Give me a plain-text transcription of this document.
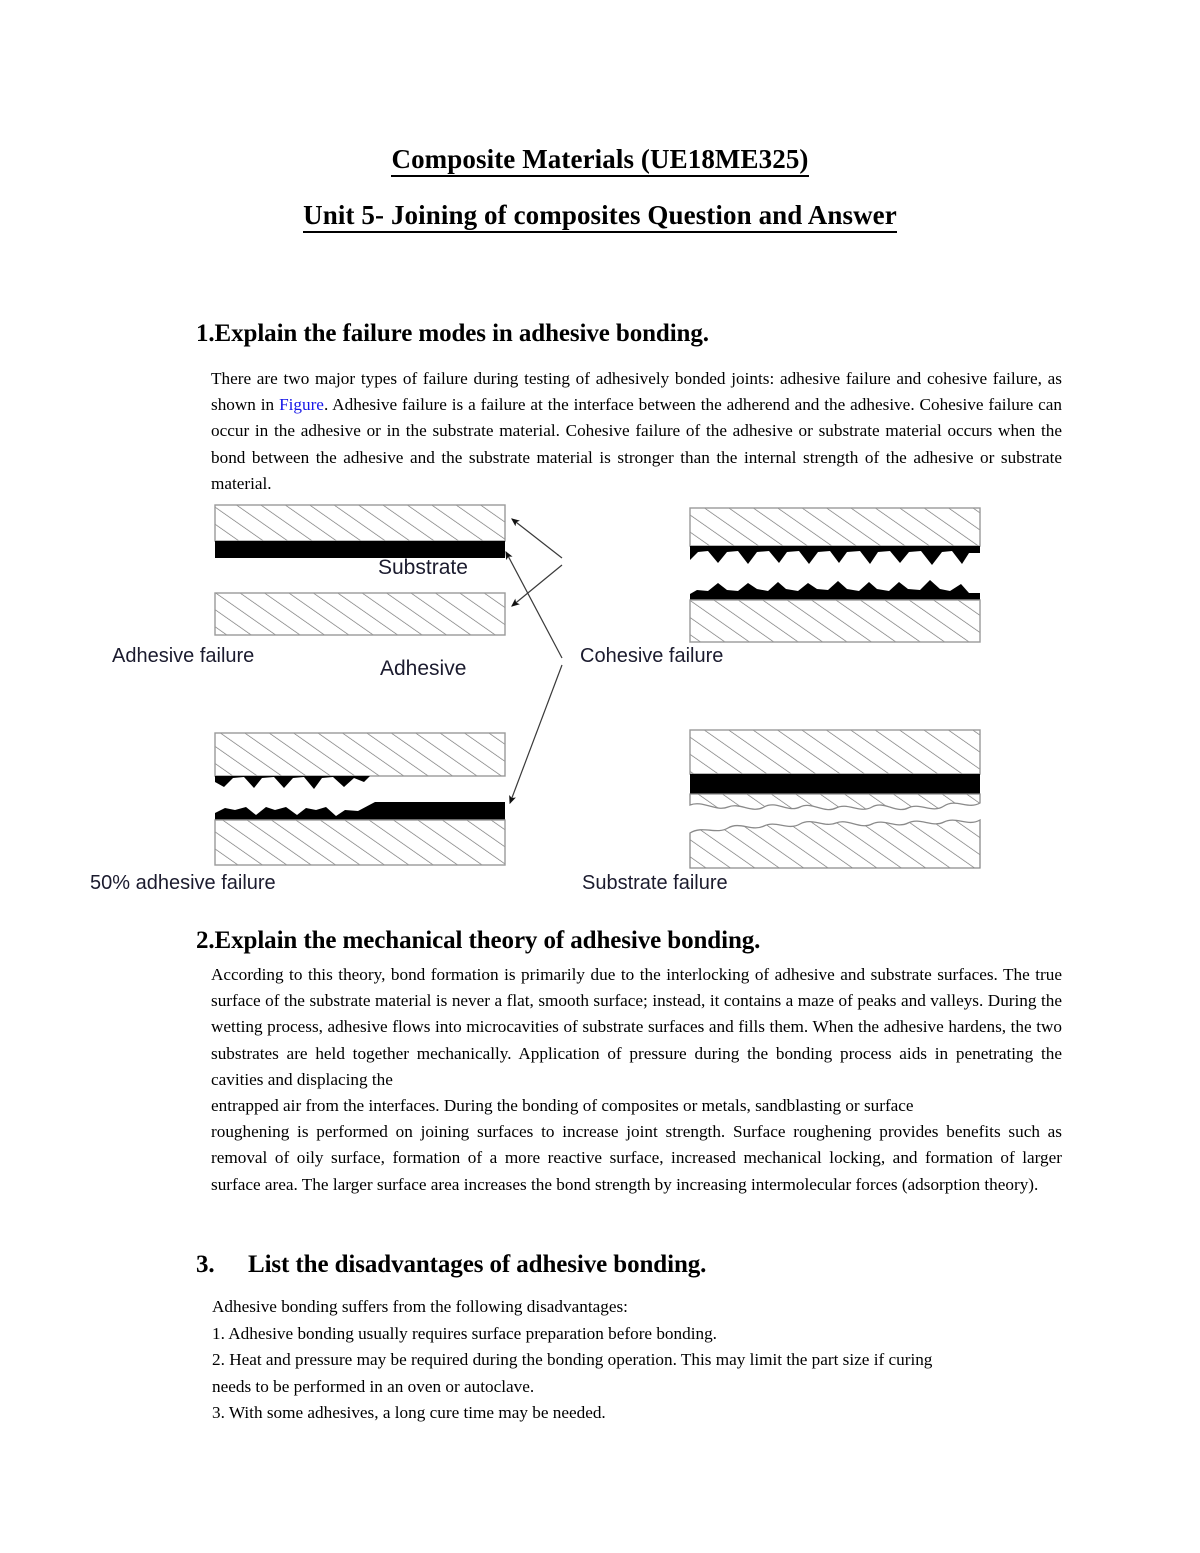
Composite Materials (UE18ME325)
Unit 5- Joining of composites Question and Answer
1.Explain the failure modes in adhesive bonding.
There are two major types of failure during testing of adhesively bonded joints: adhesive failure and cohesive failure, as shown in Figure. Adhesive failure is a failure at the interface between the adherend and the adhesive. Cohesive failure can occur in the adhesive or in the substrate material. Cohesive failure of the adhesive or substrate material occurs when the bond between the adhesive and the substrate material is stronger than the internal strength of the adhesive or substrate material.
Substrate
Adhesive
Adhesive failure	Cohesive failure
50% adhesive failure	Substrate failure
2.Explain the mechanical theory of adhesive bonding.
According to this theory, bond formation is primarily due to the interlocking of adhesive and substrate surfaces. The true surface of the substrate material is never a flat, smooth surface; instead, it contains a maze of peaks and valleys. During the wetting process, adhesive flows into microcavities of substrate surfaces and fills them. When the adhesive hardens, the two substrates are held together mechanically. Application of pressure during the bonding process aids in penetrating the cavities and displacing the
entrapped air from the interfaces. During the bonding of composites or metals, sandblasting or surface
roughening is performed on joining surfaces to increase joint strength. Surface roughening provides benefits such as removal of oily surface, formation of a more reactive surface, increased mechanical locking, and formation of larger surface area. The larger surface area increases the bond strength by increasing intermolecular forces (adsorption theory).
3. List the disadvantages of adhesive bonding.
Adhesive bonding suffers from the following disadvantages:
1. Adhesive bonding usually requires surface preparation before bonding.
2. Heat and pressure may be required during the bonding operation. This may limit the part size if curing
needs to be performed in an oven or autoclave.
3. With some adhesives, a long cure time may be needed.
